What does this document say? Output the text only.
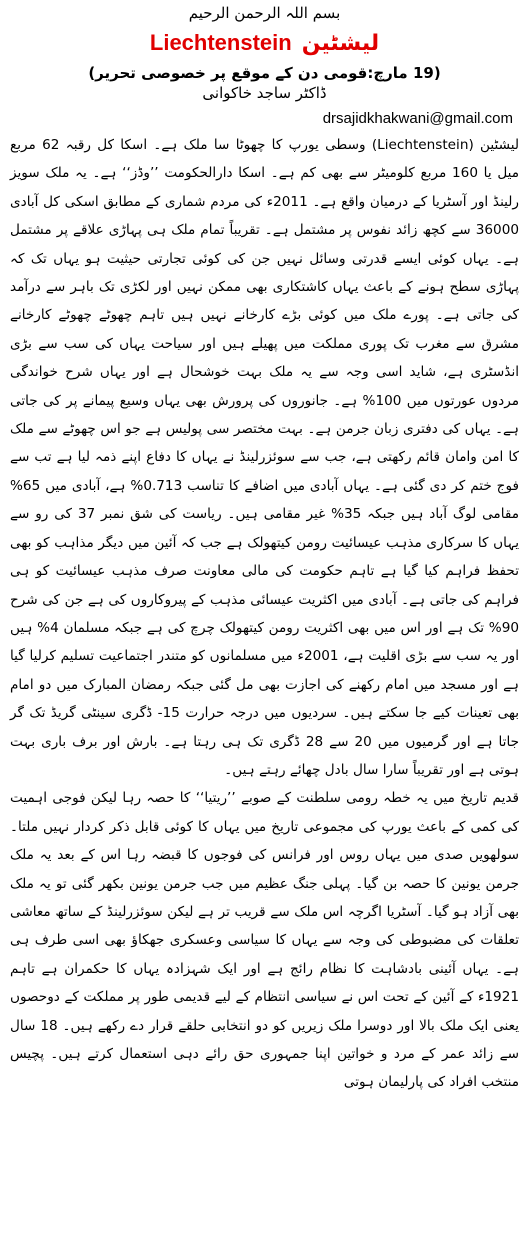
بسم اللہ الرحمن الرحیم
Liechtenstein لیشٹین
(19 مارچ:قومی دن کے موقع پر خصوصی تحریر)
ڈاکٹر ساجد خاکوانی
drsajidkhakwani@gmail.com

لیشٹین (Liechtenstein) وسطی یورپ کا چھوٹا سا ملک ہے۔ اسکا کل رقبہ 62 مربع میل یا 160 مربع کلومیٹر سے بھی کم ہے۔ اسکا دارالحکومت ’’وڈز‘‘ ہے۔ یہ ملک سویز رلینڈ اور آسٹریا کے درمیان واقع ہے۔ 2011ء کی مردم شماری کے مطابق اسکی کل آبادی 36000 سے کچھ زائد نفوس پر مشتمل ہے۔ تقریباً تمام ملک ہی پہاڑی علاقے پر مشتمل ہے۔ یہاں کوئی ایسے قدرتی وسائل نہیں جن کی کوئی تجارتی حیثیت ہو یہاں تک کہ پہاڑی سطح ہونے کے باعث یہاں کاشتکاری بھی ممکن نہیں اور لکڑی تک باہر سے درآمد کی جاتی ہے۔ پورے ملک میں کوئی بڑے کارخانے نہیں ہیں تاہم چھوٹے چھوٹے کارخانے مشرق سے مغرب تک پوری مملکت میں پھیلے ہیں اور سیاحت یہاں کی سب سے بڑی انڈسٹری ہے، شاید اسی وجہ سے یہ ملک بہت خوشحال ہے اور یہاں شرح خواندگی مردوں عورتوں میں 100% ہے۔ جانوروں کی پرورش بھی یہاں وسیع پیمانے پر کی جاتی ہے۔ یہاں کی دفتری زبان جرمن ہے۔ بہت مختصر سی پولیس ہے جو اس چھوٹے سے ملک کا امن وامان قائم رکھتی ہے، جب سے سوئزرلینڈ نے یہاں کا دفاع اپنے ذمہ لیا ہے تب سے فوج ختم کر دی گئی ہے۔ یہاں آبادی میں اضافے کا تناسب 0.713% ہے، آبادی میں 65% مقامی لوگ آباد ہیں جبکہ 35% غیر مقامی ہیں۔ ریاست کی شق نمبر 37 کی رو سے یہاں کا سرکاری مذہب عیسائیت رومن کیتھولک ہے جب کہ آئین میں دیگر مذاہب کو بھی تحفظ فراہم کیا گیا ہے تاہم حکومت کی مالی معاونت صرف مذہب عیسائیت کو ہی فراہم کی جاتی ہے۔ آبادی میں اکثریت عیسائی مذہب کے پیروکاروں کی ہے جن کی شرح 90% تک ہے اور اس میں بھی اکثریت رومن کیتھولک چرچ کی ہے جبکہ مسلمان 4% ہیں اور یہ سب سے بڑی اقلیت ہے، 2001ء میں مسلمانوں کو متندر اجتماعیت تسلیم کرلیا گیا ہے اور مسجد میں امام رکھنے کی اجازت بھی مل گئی جبکہ رمضان المبارک میں دو امام بھی تعینات کیے جا سکتے ہیں۔ سردیوں میں درجہ حرارت 15- ڈگری سینٹی گریڈ تک گر جاتا ہے اور گرمیوں میں 20 سے 28 ڈگری تک ہی رہتا ہے۔ بارش اور برف باری بہت ہوتی ہے اور تقریباً سارا سال بادل چھائے رہتے ہیں۔

قدیم تاریخ میں یہ خطہ رومی سلطنت کے صوبے ’’ریتیا‘‘ کا حصہ رہا لیکن فوجی اہمیت کی کمی کے باعث یورپ کی مجموعی تاریخ میں یہاں کا کوئی قابل ذکر کردار نہیں ملتا۔ سولھویں صدی میں یہاں روس اور فرانس کی فوجوں کا قبضہ رہا اس کے بعد یہ ملک جرمن یونین کا حصہ بن گیا۔ پہلی جنگ عظیم میں جب جرمن یونین بکھر گئی تو یہ ملک بھی آزاد ہو گیا۔ آسٹریا اگرچہ اس ملک سے قریب تر ہے لیکن سوئزرلینڈ کے ساتھ معاشی تعلقات کی مضبوطی کی وجہ سے یہاں کا سیاسی وعسکری جھکاؤ بھی اسی طرف ہی ہے۔ یہاں آئینی بادشاہت کا نظام رائج ہے اور ایک شہزادہ یہاں کا حکمران ہے تاہم 1921ء کے آئین کے تحت اس نے سیاسی انتظام کے لیے قدیمی طور پر مملکت کے دوحصوں یعنی ایک ملک بالا اور دوسرا ملک زیریں کو دو انتخابی حلقے قرار دے رکھے ہیں۔ 18 سال سے زائد عمر کے مرد و خواتین اپنا جمہوری حق رائے دہی استعمال کرتے ہیں۔ پچیس منتخب افراد کی پارلیمان ہوتی
